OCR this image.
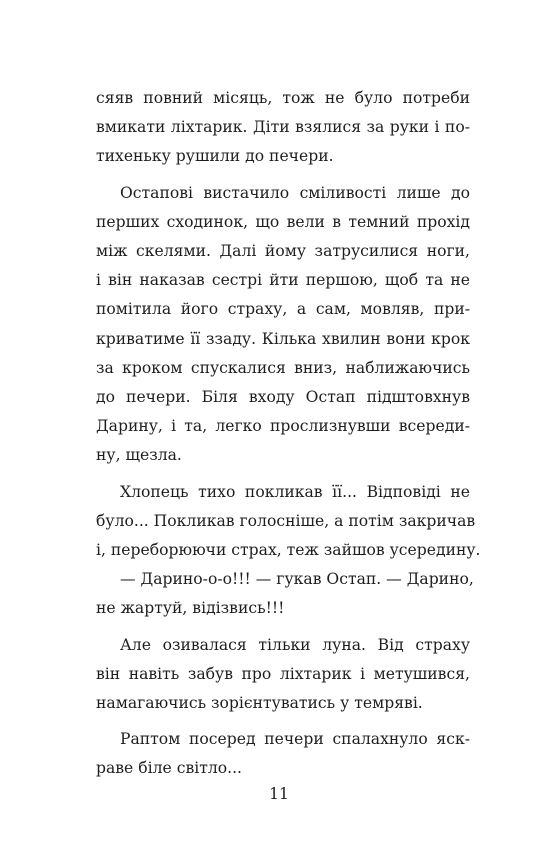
сяяв повний місяць, тож не було потреби
вмикати ліхтарик. Діти взялися за руки і по-
тихеньку рушили до печери.
Остапові вистачило сміливості лише до
перших сходинок, що вели в темний прохід
між скелями. Далі йому затрусилися ноги,
і він наказав сестрі йти першою, щоб та не
помітила його страху, а сам, мовляв, при-
криватиме її ззаду. Кілька хвилин вони крок
за кроком спускалися вниз, наближаючись
до печери. Біля входу Остап підштовхнув
Дарину, і та, легко прослизнувши всереди-
ну, щезла.
Хлопець тихо покликав її... Відповіді не
було... Покликав голосніше, а потім закричав
і, переборюючи страх, теж зайшов усередину.
— Дарино-о-о!!! — гукав Остап. — Дарино,
не жартуй, відізвись!!!
Але озивалася тільки луна. Від страху
він навіть забув про ліхтарик і метушився,
намагаючись зорієнтуватись у темряві.
Раптом посеред печери спалахнуло яск-
раве біле світло...
11
